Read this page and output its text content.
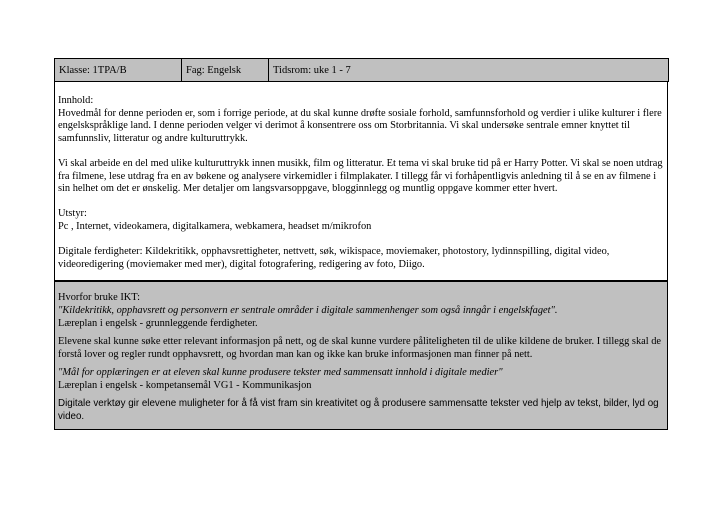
Klasse: 1TPA/B	Fag: Engelsk	Tidsrom: uke 1 - 7

Innhold:

Hovedmål for denne perioden er, som i forrige periode, at du skal kunne drøfte sosiale forhold, samfunnsforhold og verdier i ulike kulturer i flere engelskspråklige land. I denne perioden velger vi derimot å konsentrere oss om Storbritannia. Vi skal undersøke sentrale emner knyttet til samfunnsliv, litteratur og andre kulturuttrykk.

Vi skal arbeide en del med ulike kulturuttrykk innen musikk, film og litteratur. Et tema vi skal bruke tid på er Harry Potter. Vi skal se noen utdrag fra filmene, lese utdrag fra en av bøkene og analysere virkemidler i filmplakater. I tillegg får vi forhåpentligvis anledning til å se en av filmene i sin helhet om det er ønskelig. Mer detaljer om langsvarsoppgave, blogginnlegg og muntlig oppgave kommer etter hvert.

Utstyr:

Pc , Internet, videokamera, digitalkamera, webkamera, headset m/mikrofon

Digitale ferdigheter: Kildekritikk, opphavsrettigheter, nettvett, søk, wikispace, moviemaker, photostory, lydinnspilling, digital video, videoredigering (moviemaker med mer), digital fotografering, redigering av foto, Diigo.

Hvorfor bruke IKT:

"Kildekritikk, opphavsrett og personvern er sentrale områder i digitale sammenhenger som også inngår i engelskfaget".

Læreplan i engelsk - grunnleggende ferdigheter.

Elevene skal kunne søke etter relevant informasjon på nett, og de skal kunne vurdere påliteligheten til de ulike kildene de bruker. I tillegg skal de forstå lover og regler rundt opphavsrett, og hvordan man kan og ikke kan bruke informasjonen man finner på nett.

"Mål for opplæringen er at eleven skal kunne produsere tekster med sammensatt innhold i digitale medier"

Læreplan i engelsk - kompetansemål VG1 - Kommunikasjon

Digitale verktøy gir elevene muligheter for å få vist fram sin kreativitet og å produsere sammensatte tekster ved hjelp av tekst, bilder, lyd og video.
